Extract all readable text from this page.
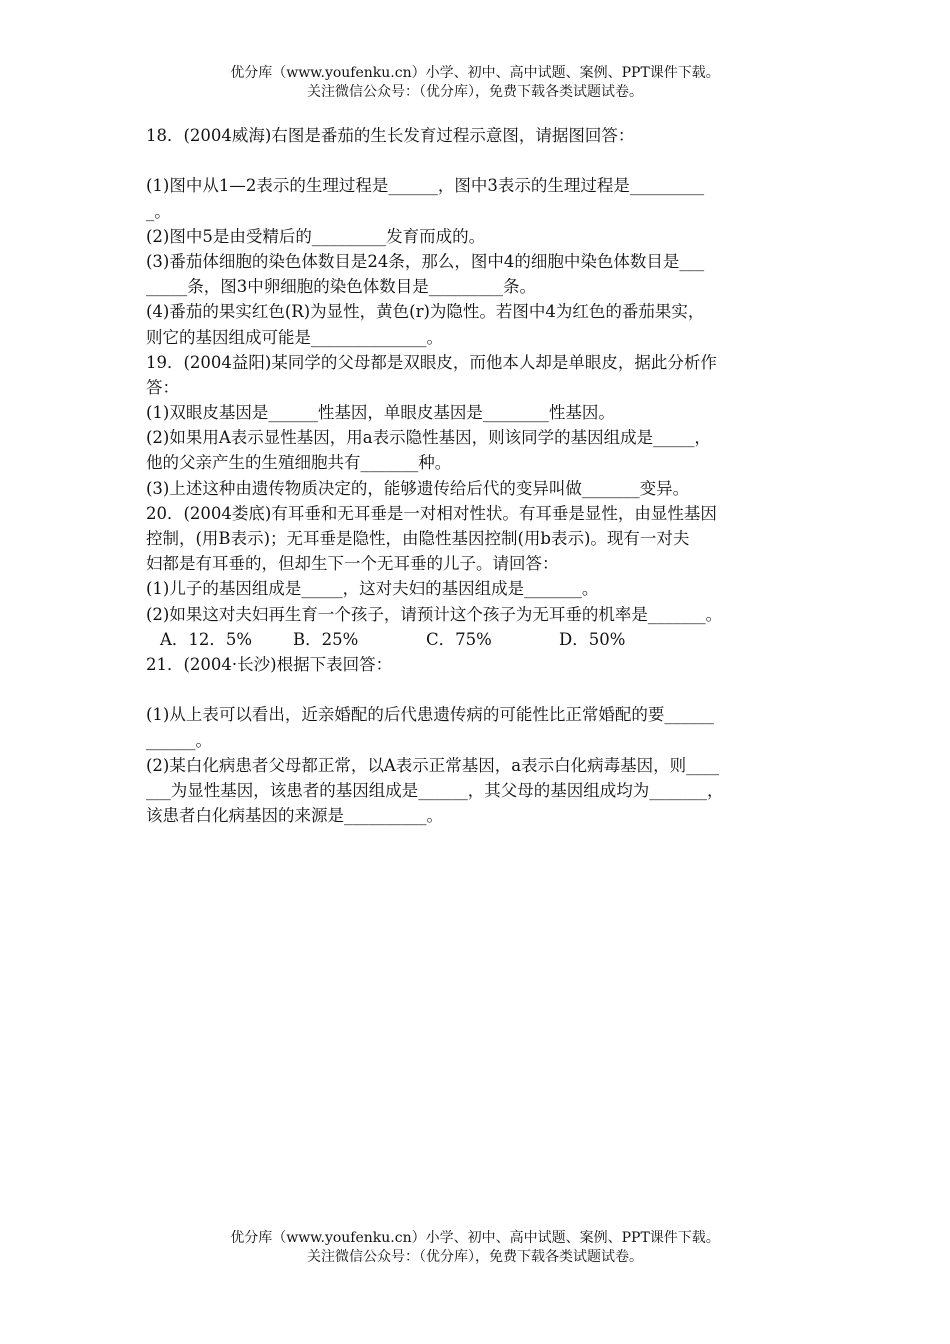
优分库（www.youfenku.cn）小学、初中、高中试题、案例、PPT课件下载。
关注微信公众号：（优分库），免费下载各类试题试卷。
18．(2004威海)右图是番茄的生长发育过程示意图，请据图回答：
(1)图中从1—2表示的生理过程是______，图中3表示的生理过程是_________
_。
(2)图中5是由受精后的_________发育而成的。
(3)番茄体细胞的染色体数目是24条，那么，图中4的细胞中染色体数目是___
_____条，图3中卵细胞的染色体数目是_________条。
(4)番茄的果实红色(R)为显性，黄色(r)为隐性。若图中4为红色的番茄果实，
则它的基因组成可能是______________。
19．(2004益阳)某同学的父母都是双眼皮，而他本人却是单眼皮，据此分析作
答：
(1)双眼皮基因是______性基因，单眼皮基因是________性基因。
(2)如果用A表示显性基因，用a表示隐性基因，则该同学的基因组成是_____，
他的父亲产生的生殖细胞共有_______种。
(3)上述这种由遗传物质决定的，能够遗传给后代的变异叫做_______变异。
20．(2004娄底)有耳垂和无耳垂是一对相对性状。有耳垂是显性，由显性基因
控制，(用B表示)；无耳垂是隐性，由隐性基因控制(用b表示)。现有一对夫
妇都是有耳垂的，但却生下一个无耳垂的儿子。请回答：
(1)儿子的基因组成是_____，这对夫妇的基因组成是_______。
(2)如果这对夫妇再生育一个孩子，请预计这个孩子为无耳垂的机率是_______。
A．12．5%	B．25%	C．75%	D．50%
21．(2004·长沙)根据下表回答：
(1)从上表可以看出，近亲婚配的后代患遗传病的可能性比正常婚配的要______
______。
(2)某白化病患者父母都正常，以A表示正常基因，a表示白化病毒基因，则____
___为显性基因，该患者的基因组成是______，其父母的基因组成均为_______，
该患者白化病基因的来源是__________。
优分库（www.youfenku.cn）小学、初中、高中试题、案例、PPT课件下载。
关注微信公众号：（优分库），免费下载各类试题试卷。
